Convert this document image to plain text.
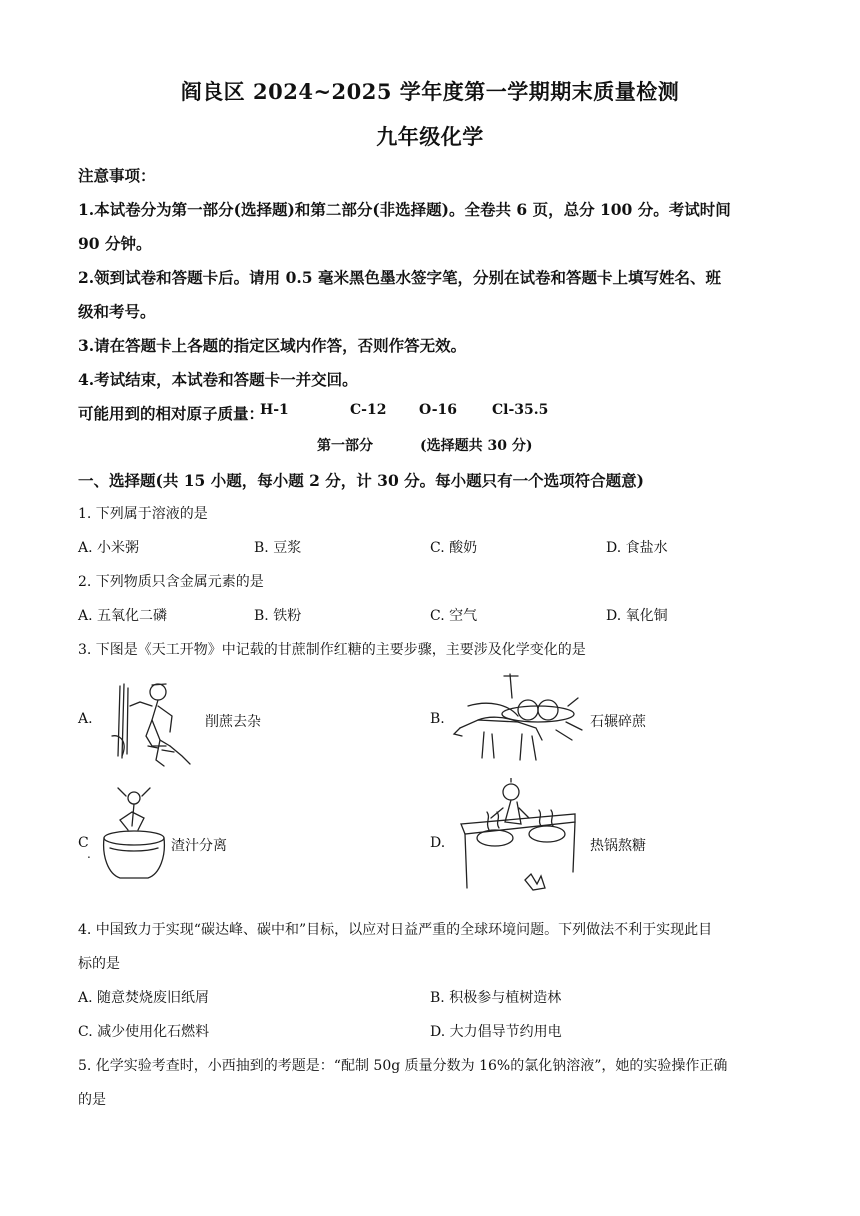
阎良区 2024~2025 学年度第一学期期末质量检测
九年级化学
注意事项：
1.本试卷分为第一部分(选择题)和第二部分(非选择题)。全卷共 6 页，总分 100 分。考试时间
90 分钟。
2.领到试卷和答题卡后。请用 0.5 毫米黑色墨水签字笔，分别在试卷和答题卡上填写姓名、班
级和考号。
3.请在答题卡上各题的指定区域内作答，否则作答无效。
4.考试结束，本试卷和答题卡一并交回。
可能用到的相对原子质量：
H-1	C-12 O-16 Cl-35.5
第一部分	(选择题共 30 分)
一、选择题(共 15 小题，每小题 2 分，计 30 分。每小题只有一个选项符合题意)
1. 下列属于溶液的是
A. 小米粥	B. 豆浆	C. 酸奶	D. 食盐水
2. 下列物质只含金属元素的是
A. 五氧化二磷	B. 铁粉	C. 空气	D. 氧化铜
3. 下图是《天工开物》中记载的甘蔗制作红糖的主要步骤，主要涉及化学变化的是
A.	削蔗去杂	B.	石辗碎蔗
C
.	渣汁分离	D.	热锅熬糖
4. 中国致力于实现“碳达峰、碳中和”目标，以应对日益严重的全球环境问题。下列做法不利于实现此目
标的是
A. 随意焚烧废旧纸屑	B. 积极参与植树造林
C. 减少使用化石燃料	D. 大力倡导节约用电
5. 化学实验考查时，小西抽到的考题是：“配制 50g 质量分数为 16%的氯化钠溶液”，她的实验操作正确
的是
